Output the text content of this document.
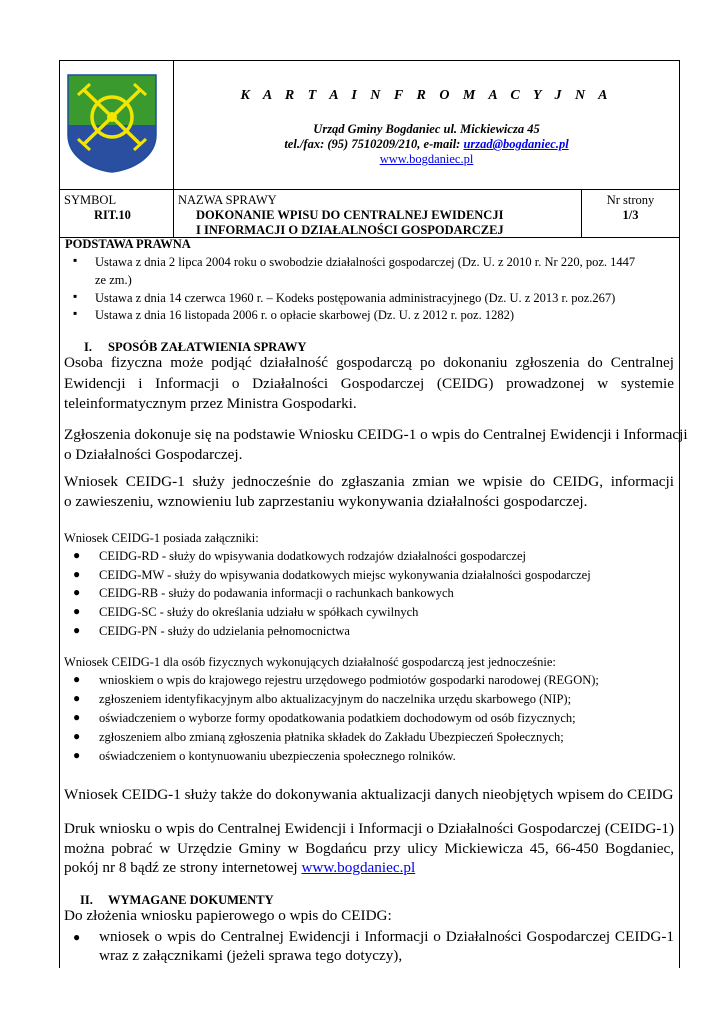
K A R T A I N F R O M A C Y J N A
Urząd Gminy Bogdaniec ul. Mickiewicza 45
tel./fax: (95) 7510209/210, e-mail: urzad@bogdaniec.pl
www.bogdaniec.pl
SYMBOL
RIT.10
NAZWA SPRAWY
DOKONANIE WPISU DO CENTRALNEJ EWIDENCJI
I INFORMACJI O DZIAŁALNOŚCI GOSPODARCZEJ
Nr strony
1/3
PODSTAWA PRAWNA
▪ Ustawa z dnia 2 lipca 2004 roku o swobodzie działalności gospodarczej (Dz. U. z 2010 r. Nr 220, poz. 1447
ze zm.)
▪ Ustawa z dnia 14 czerwca 1960 r. – Kodeks postępowania administracyjnego (Dz. U. z 2013 r. poz.267)
▪ Ustawa z dnia 16 listopada 2006 r. o opłacie skarbowej (Dz. U. z 2012 r. poz. 1282)
I. SPOSÓB ZAŁATWIENIA SPRAWY
Osoba fizyczna może podjąć działalność gospodarczą po dokonaniu zgłoszenia do Centralnej
Ewidencji i Informacji o Działalności Gospodarczej (CEIDG) prowadzonej w systemie
teleinformatycznym przez Ministra Gospodarki.
Zgłoszenia dokonuje się na podstawie Wniosku CEIDG-1 o wpis do Centralnej Ewidencji i Informacji
o Działalności Gospodarczej.
Wniosek CEIDG-1 służy jednocześnie do zgłaszania zmian we wpisie do CEIDG, informacji
o zawieszeniu, wznowieniu lub zaprzestaniu wykonywania działalności gospodarczej.
Wniosek CEIDG-1 posiada załączniki:
● CEIDG-RD - służy do wpisywania dodatkowych rodzajów działalności gospodarczej
● CEIDG-MW - służy do wpisywania dodatkowych miejsc wykonywania działalności gospodarczej
● CEIDG-RB - służy do podawania informacji o rachunkach bankowych
● CEIDG-SC - służy do określania udziału w spółkach cywilnych
● CEIDG-PN - służy do udzielania pełnomocnictwa
Wniosek CEIDG-1 dla osób fizycznych wykonujących działalność gospodarczą jest jednocześnie:
● wnioskiem o wpis do krajowego rejestru urzędowego podmiotów gospodarki narodowej (REGON);
● zgłoszeniem identyfikacyjnym albo aktualizacyjnym do naczelnika urzędu skarbowego (NIP);
● oświadczeniem o wyborze formy opodatkowania podatkiem dochodowym od osób fizycznych;
● zgłoszeniem albo zmianą zgłoszenia płatnika składek do Zakładu Ubezpieczeń Społecznych;
● oświadczeniem o kontynuowaniu ubezpieczenia społecznego rolników.
Wniosek CEIDG-1 służy także do dokonywania aktualizacji danych nieobjętych wpisem do CEIDG
Druk wniosku o wpis do Centralnej Ewidencji i Informacji o Działalności Gospodarczej (CEIDG-1)
można pobrać w Urzędzie Gminy w Bogdańcu przy ulicy Mickiewicza 45, 66-450 Bogdaniec,
pokój nr 8 bądź ze strony internetowej www.bogdaniec.pl
II. WYMAGANE DOKUMENTY
Do złożenia wniosku papierowego o wpis do CEIDG:
● wniosek o wpis do Centralnej Ewidencji i Informacji o Działalności Gospodarczej CEIDG-1
wraz z załącznikami (jeżeli sprawa tego dotyczy),
